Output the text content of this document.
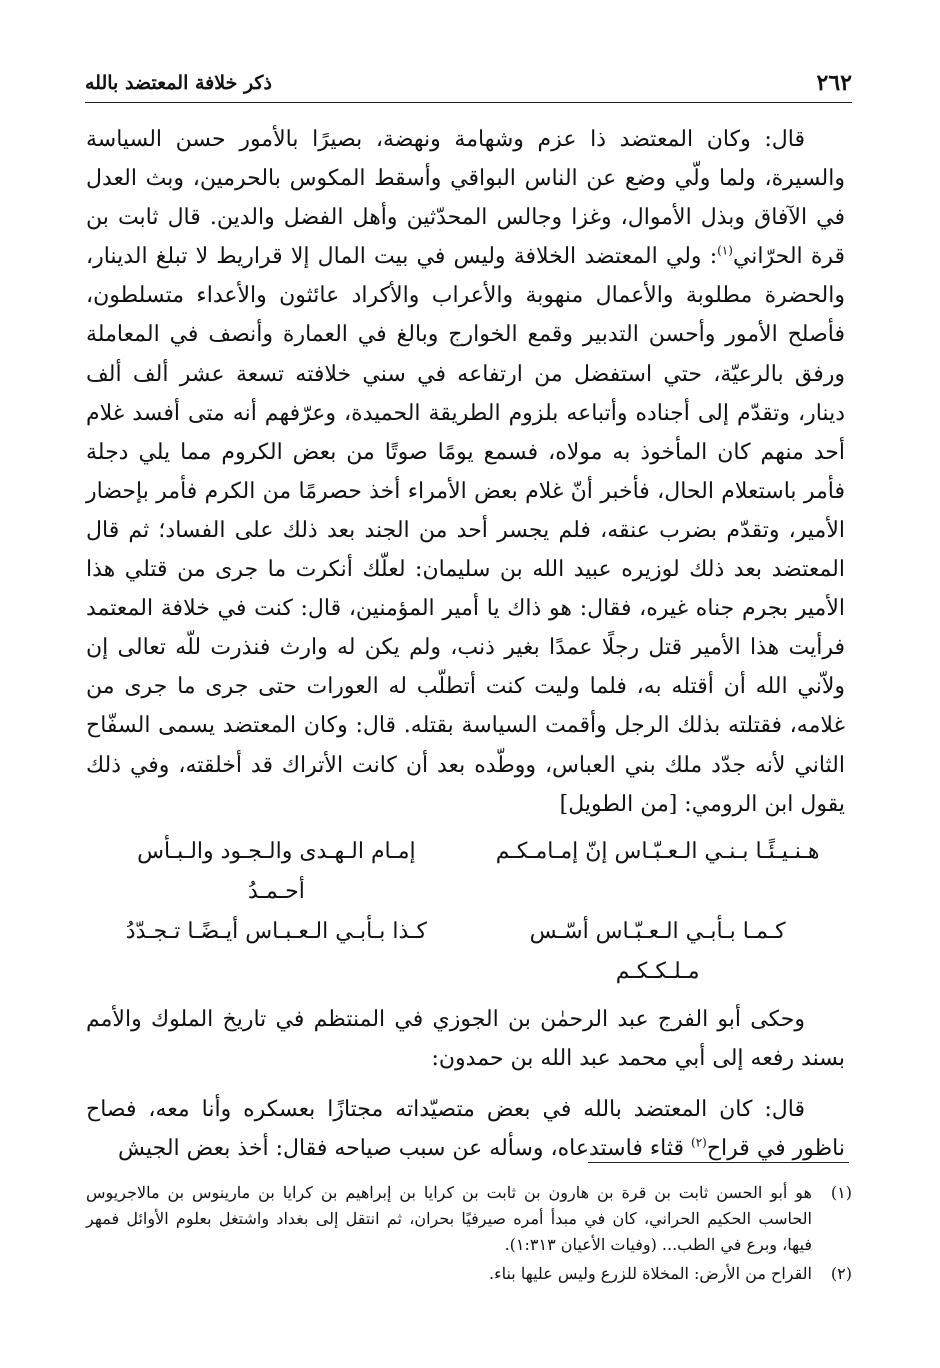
٢٦٢
ذكر خلافة المعتضد بالله

قال: وكان المعتضد ذا عزم وشهامة ونهضة، بصيرًا بالأمور حسن السياسة والسيرة، ولما ولّي وضع عن الناس البواقي وأسقط المكوس بالحرمين، وبث العدل في الآفاق وبذل الأموال، وغزا وجالس المحدّثين وأهل الفضل والدين. قال ثابت بن قرة الحرّاني$^{(١)}$: ولي المعتضد الخلافة وليس في بيت المال إلا قراريط لا تبلغ الدينار، والحضرة مطلوبة والأعمال منهوبة والأعراب والأكراد عائثون والأعداء متسلطون، فأصلح الأمور وأحسن التدبير وقمع الخوارج وبالغ في العمارة وأنصف في المعاملة ورفق بالرعيّة، حتي استفضل من ارتفاعه في سني خلافته تسعة عشر ألف ألف دينار، وتقدّم إلى أجناده وأتباعه بلزوم الطريقة الحميدة، وعرّفهم أنه متى أفسد غلام أحد منهم كان المأخوذ به مولاه، فسمع يومًا صوتًا من بعض الكروم مما يلي دجلة فأمر باستعلام الحال، فأخبر أنّ غلام بعض الأمراء أخذ حصرمًا من الكرم فأمر بإحضار الأمير، وتقدّم بضرب عنقه، فلم يجسر أحد من الجند بعد ذلك على الفساد؛ ثم قال المعتضد بعد ذلك لوزيره عبيد الله بن سليمان: لعلّك أنكرت ما جرى من قتلي هذا الأمير بجرم جناه غيره، فقال: هو ذاك يا أمير المؤمنين، قال: كنت في خلافة المعتمد فرأيت هذا الأمير قتل رجلًا عمدًا بغير ذنب، ولم يكن له وارث فنذرت للّه تعالى إن ولاّني الله أن أقتله به، فلما وليت كنت أتطلّب له العورات حتى جرى ما جرى من غلامه، فقتلته بذلك الرجل وأقمت السياسة بقتله. قال: وكان المعتضد يسمى السفّاح الثاني لأنه جدّد ملك بني العباس، ووطّده بعد أن كانت الأتراك قد أخلقته، وفي ذلك يقول ابن الرومي: [من الطويل]

هـنـيـئًـا بـنـي الـعـبّـاس إنّ إمـامـكـم
إمـام الـهـدى والـجـود والـبـأس أحـمـدُ
كـمـا بـأبـي الـعـبّـاس أسّـس مـلـكـكـم
كـذا بـأبـي الـعـبـاس أيـضًـا تـجـدّدُ

وحكى أبو الفرج عبد الرحمٰن بن الجوزي في المنتظم في تاريخ الملوك والأمم بسند رفعه إلى أبي محمد عبد الله بن حمدون:

قال: كان المعتضد بالله في بعض متصيّداته مجتازًا بعسكره وأنا معه، فصاح ناظور في قراح$^{(٢)}$ قثاء فاستدعاه، وسأله عن سبب صياحه فقال: أخذ بعض الجيش

(١)
هو أبو الحسن ثابت بن قرة بن هارون بن ثابت بن كرايا بن إبراهيم بن كرايا بن مارينوس بن مالاجريوس الحاسب الحكيم الحراني، كان في مبدأ أمره صيرفيًا بحران، ثم انتقل إلى بغداد واشتغل بعلوم الأوائل فمهر فيها، وبرع في الطب... (وفيات الأعيان ١:٣١٣).
(٢)
القراح من الأرض: المخلاة للزرع وليس عليها بناء.
